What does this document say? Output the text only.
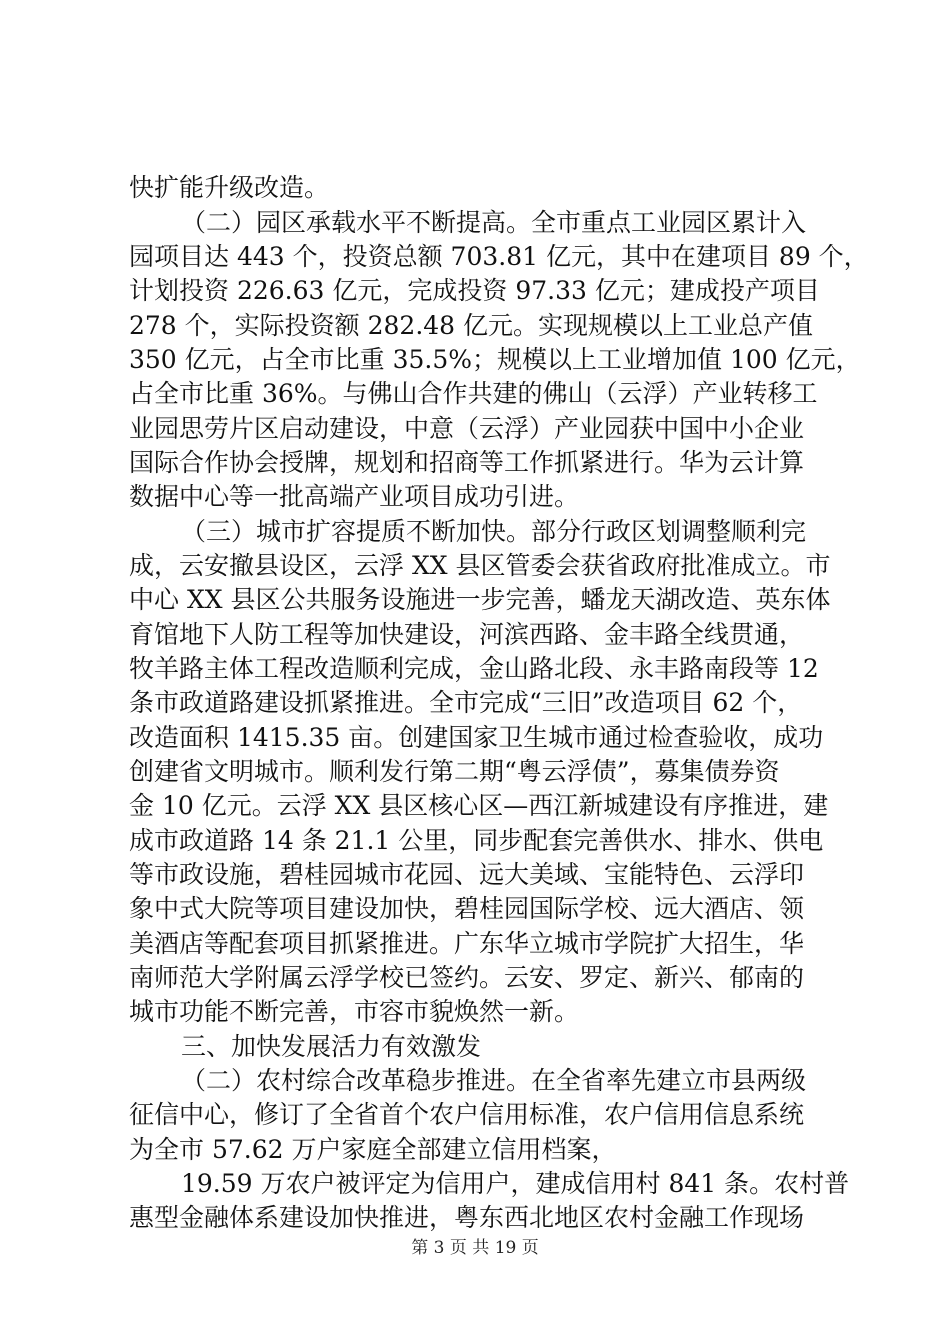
快扩能升级改造。
（二）园区承载水平不断提高。全市重点工业园区累计入
园项目达 443 个，投资总额 703.81 亿元，其中在建项目 89 个，
计划投资 226.63 亿元，完成投资 97.33 亿元；建成投产项目
278 个，实际投资额 282.48 亿元。实现规模以上工业总产值
350 亿元，占全市比重 35.5%；规模以上工业增加值 100 亿元，
占全市比重 36%。与佛山合作共建的佛山（云浮）产业转移工
业园思劳片区启动建设，中意（云浮）产业园获中国中小企业
国际合作协会授牌，规划和招商等工作抓紧进行。华为云计算
数据中心等一批高端产业项目成功引进。
（三）城市扩容提质不断加快。部分行政区划调整顺利完
成，云安撤县设区，云浮 XX 县区管委会获省政府批准成立。市
中心 XX 县区公共服务设施进一步完善，蟠龙天湖改造、英东体
育馆地下人防工程等加快建设，河滨西路、金丰路全线贯通，
牧羊路主体工程改造顺利完成，金山路北段、永丰路南段等 12
条市政道路建设抓紧推进。全市完成“三旧”改造项目 62 个，
改造面积 1415.35 亩。创建国家卫生城市通过检查验收，成功
创建省文明城市。顺利发行第二期“粤云浮债”，募集债券资
金 10 亿元。云浮 XX 县区核心区—西江新城建设有序推进，建
成市政道路 14 条 21.1 公里，同步配套完善供水、排水、供电
等市政设施，碧桂园城市花园、远大美域、宝能特色、云浮印
象中式大院等项目建设加快，碧桂园国际学校、远大酒店、领
美酒店等配套项目抓紧推进。广东华立城市学院扩大招生，华
南师范大学附属云浮学校已签约。云安、罗定、新兴、郁南的
城市功能不断完善，市容市貌焕然一新。
三、加快发展活力有效激发
（二）农村综合改革稳步推进。在全省率先建立市县两级
征信中心，修订了全省首个农户信用标准，农户信用信息系统
为全市 57.62 万户家庭全部建立信用档案，
19.59 万农户被评定为信用户，建成信用村 841 条。农村普
惠型金融体系建设加快推进，粤东西北地区农村金融工作现场
第 3 页 共 19 页
